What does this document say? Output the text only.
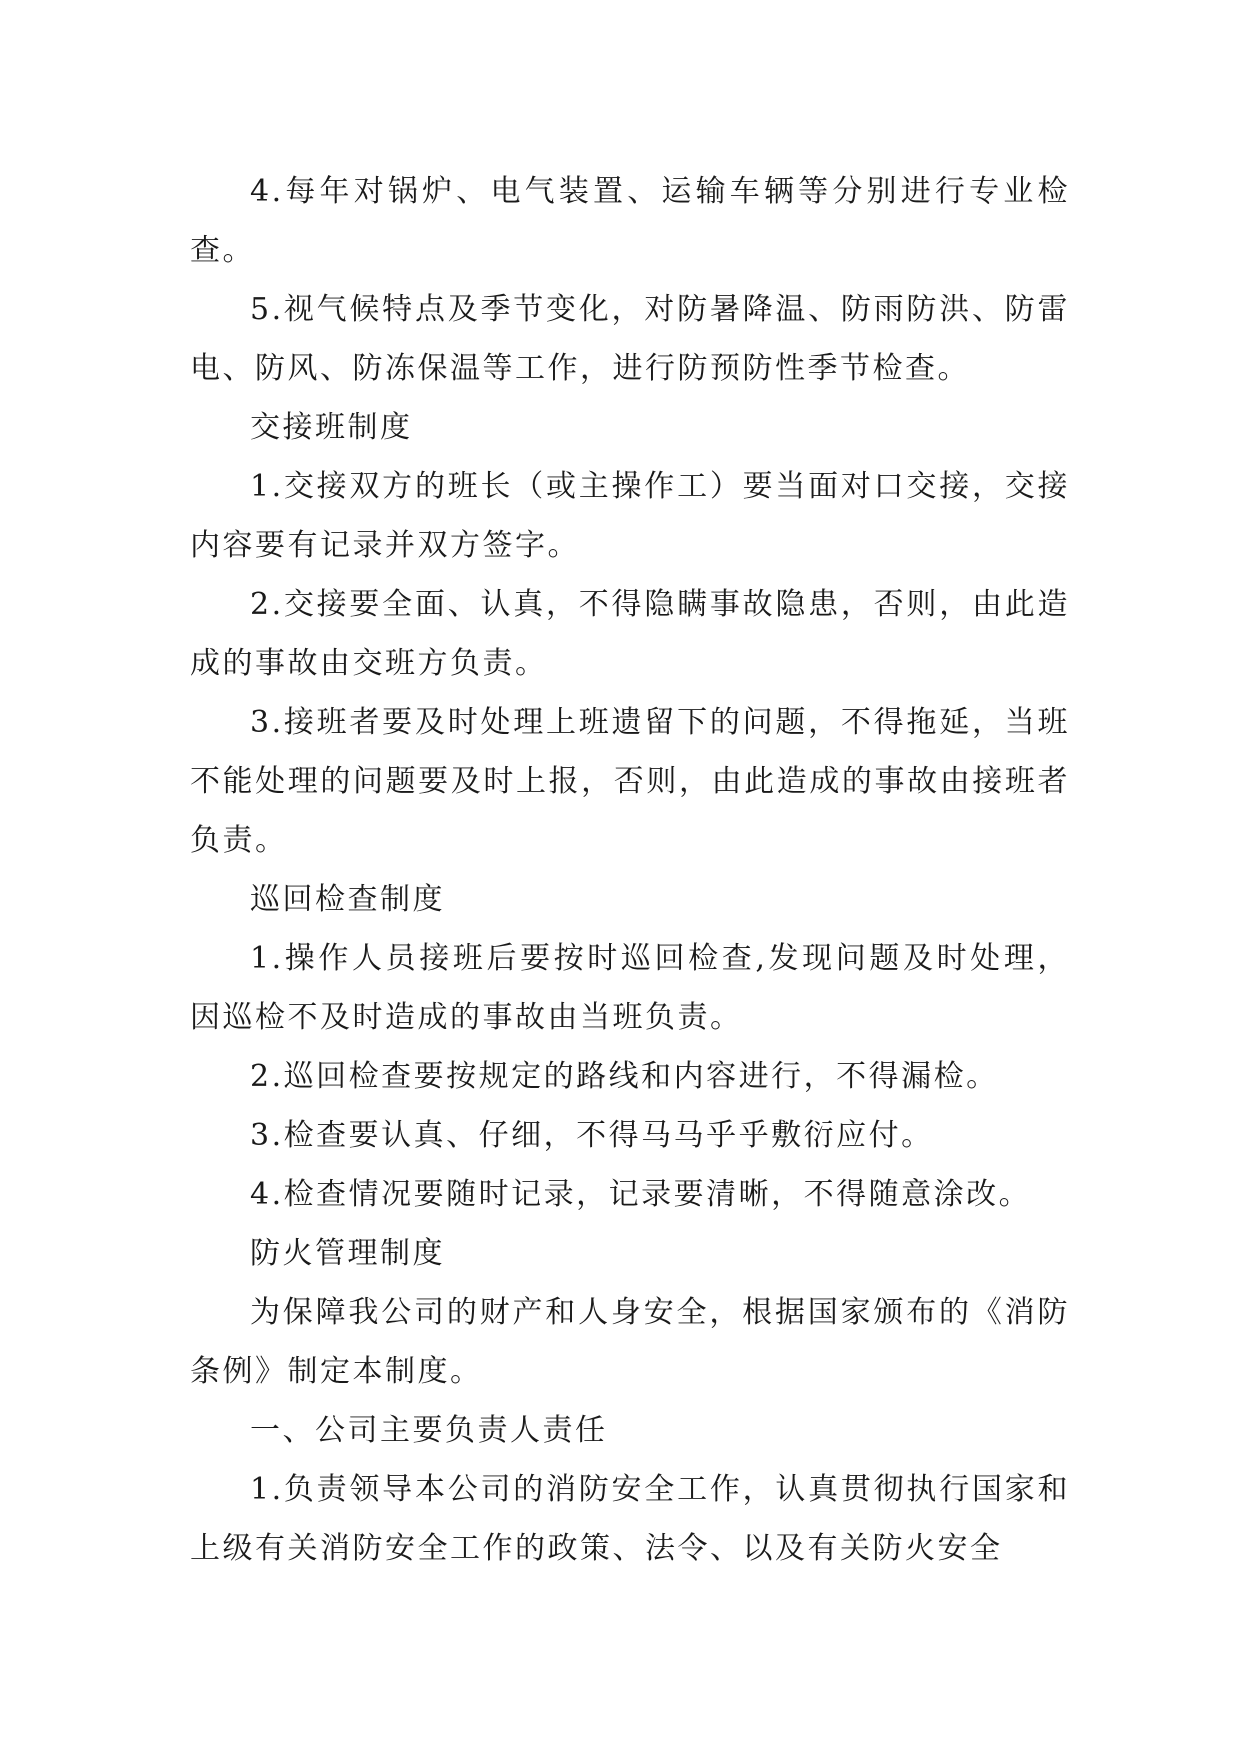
4.每年对锅炉、电气装置、运输车辆等分别进行专业检查。

5.视气候特点及季节变化，对防暑降温、防雨防洪、防雷电、防风、防冻保温等工作，进行防预防性季节检查。

交接班制度

1.交接双方的班长（或主操作工）要当面对口交接，交接内容要有记录并双方签字。

2.交接要全面、认真，不得隐瞒事故隐患，否则，由此造成的事故由交班方负责。

3.接班者要及时处理上班遗留下的问题，不得拖延，当班不能处理的问题要及时上报，否则，由此造成的事故由接班者负责。

巡回检查制度

1.操作人员接班后要按时巡回检查,发现问题及时处理，因巡检不及时造成的事故由当班负责。

2.巡回检查要按规定的路线和内容进行，不得漏检。

3.检查要认真、仔细，不得马马乎乎敷衍应付。

4.检查情况要随时记录，记录要清晰，不得随意涂改。

防火管理制度

为保障我公司的财产和人身安全，根据国家颁布的《消防条例》制定本制度。

一、公司主要负责人责任

1.负责领导本公司的消防安全工作，认真贯彻执行国家和上级有关消防安全工作的政策、法令、以及有关防火安全
